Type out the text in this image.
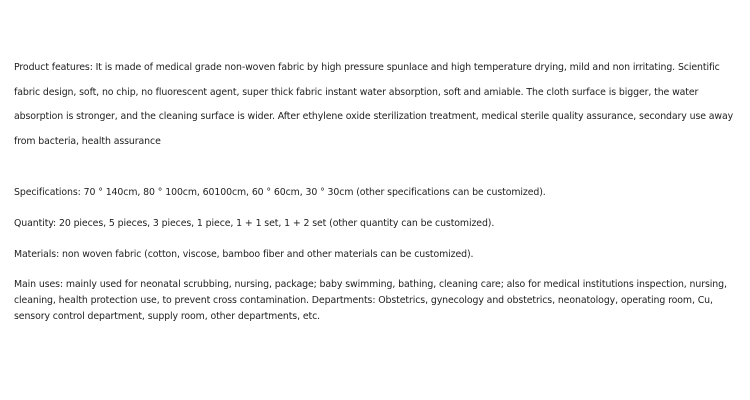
Product features: It is made of medical grade non-woven fabric by high pressure spunlace and high temperature drying, mild and non irritating. Scientific fabric design, soft, no chip, no fluorescent agent, super thick fabric instant water absorption, soft and amiable. The cloth surface is bigger, the water absorption is stronger, and the cleaning surface is wider. After ethylene oxide sterilization treatment, medical sterile quality assurance, secondary use away from bacteria, health assurance

Specifications: 70 ° 140cm, 80 ° 100cm, 60100cm, 60 ° 60cm, 30 ° 30cm (other specifications can be customized).

Quantity: 20 pieces, 5 pieces, 3 pieces, 1 piece, 1 + 1 set, 1 + 2 set (other quantity can be customized).

Materials: non woven fabric (cotton, viscose, bamboo fiber and other materials can be customized).

Main uses: mainly used for neonatal scrubbing, nursing, package; baby swimming, bathing, cleaning care; also for medical institutions inspection, nursing, cleaning, health protection use, to prevent cross contamination. Departments: Obstetrics, gynecology and obstetrics, neonatology, operating room, Cu, sensory control department, supply room, other departments, etc.
